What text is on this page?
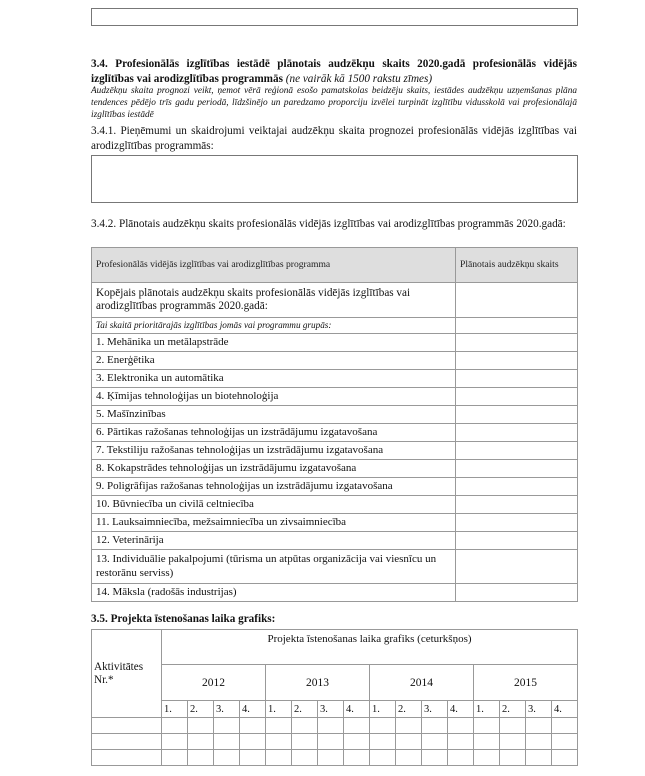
3.4. Profesionālās izglītības iestādē plānotais audzēkņu skaits 2020.gadā profesionālās vidējās izglītības vai arodizglītības programmās (ne vairāk kā 1500 rakstu zīmes)
Audzēkņu skaita prognozi veikt, ņemot vērā reģionā esošo pamatskolas beidzēju skaits, iestādes audzēkņu uzņemšanas plāna tendences pēdējo trīs gadu periodā, līdzšinējo un paredzamo proporciju izvēlei turpināt izglītību vidusskolā vai profesionālajā izglītības iestādē
3.4.1. Pieņēmumi un skaidrojumi veiktajai audzēkņu skaita prognozei profesionālās vidējās izglītības vai arodizglītības programmās:
3.4.2. Plānotais audzēkņu skaits profesionālās vidējās izglītības vai arodizglītības programmās 2020.gadā:
Profesionālās vidējās izglītības vai arodizglītības programma	Plānotais audzēkņu skaits
Kopējais plānotais audzēkņu skaits profesionālās vidējās izglītības vai arodizglītības programmās 2020.gadā:	
Tai skaitā prioritārajās izglītības jomās vai programmu grupās:	
1. Mehānika un metālapstrāde	
2. Enerģētika	
3. Elektronika un automātika	
4. Ķīmijas tehnoloģijas un biotehnoloģija	
5. Mašīnzinības	
6. Pārtikas ražošanas tehnoloģijas un izstrādājumu izgatavošana	
7. Tekstiliju ražošanas tehnoloģijas un izstrādājumu izgatavošana	
8. Kokapstrādes tehnoloģijas un izstrādājumu izgatavošana	
9. Poligrāfijas ražošanas tehnoloģijas un izstrādājumu izgatavošana	
10. Būvniecība un civilā celtniecība	
11. Lauksaimniecība, mežsaimniecība un zivsaimniecība	
12. Veterinārija	
13. Individuālie pakalpojumi (tūrisma un atpūtas organizācija vai viesnīcu un restorānu serviss)	
14. Māksla (radošās industrijas)	
3.5. Projekta īstenošanas laika grafiks:
Aktivitātes Nr.*	Projekta īstenošanas laika grafiks (ceturkšņos)															
	2012				2013				2014				2015			
	1.	2.	3.	4.	1.	2.	3.	4.	1.	2.	3.	4.	1.	2.	3.	4.
